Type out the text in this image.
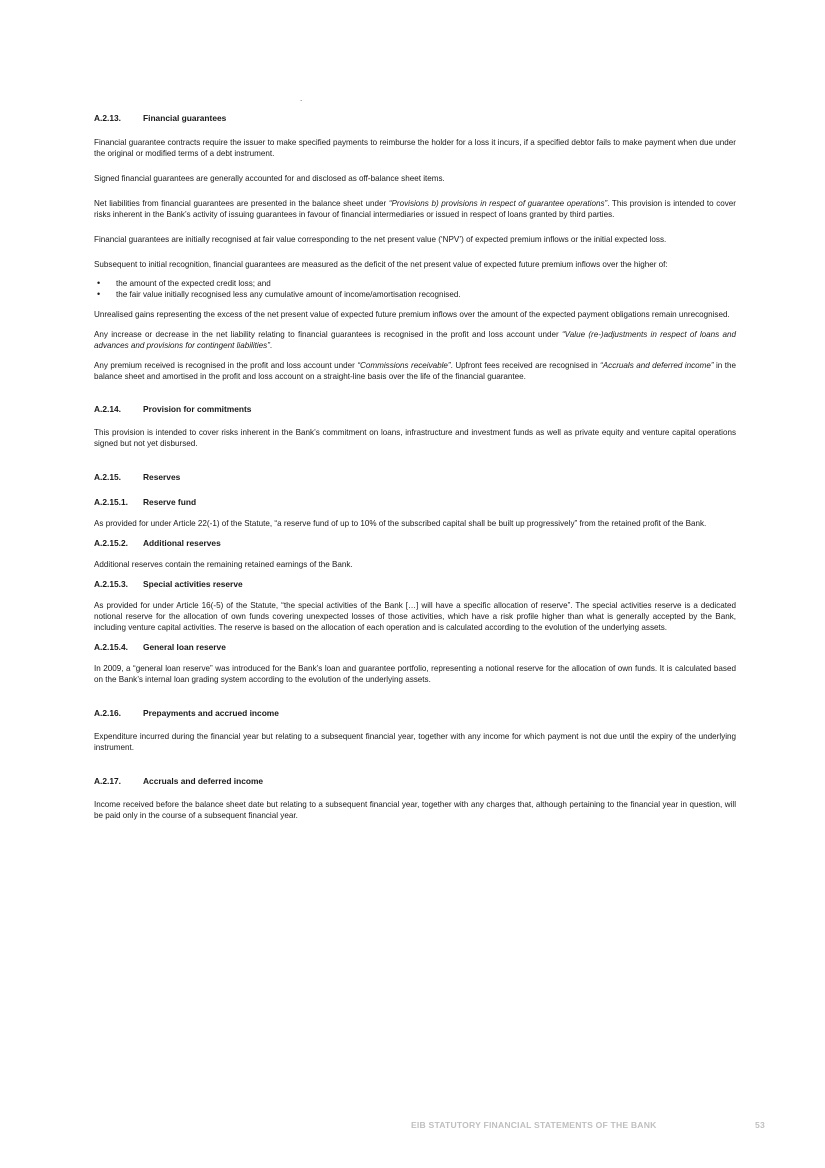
.
A.2.13.	Financial guarantees

Financial guarantee contracts require the issuer to make specified payments to reimburse the holder for a loss it incurs, if a specified debtor fails to make payment when due under the original or modified terms of a debt instrument.

Signed financial guarantees are generally accounted for and disclosed as off-balance sheet items.

Net liabilities from financial guarantees are presented in the balance sheet under “Provisions b) provisions in respect of guarantee operations”. This provision is intended to cover risks inherent in the Bank’s activity of issuing guarantees in favour of financial intermediaries or issued in respect of loans granted by third parties.

Financial guarantees are initially recognised at fair value corresponding to the net present value (‘NPV’) of expected premium inflows or the initial expected loss.

Subsequent to initial recognition, financial guarantees are measured as the deficit of the net present value of expected future premium inflows over the higher of:

• the amount of the expected credit loss; and
• the fair value initially recognised less any cumulative amount of income/amortisation recognised.

Unrealised gains representing the excess of the net present value of expected future premium inflows over the amount of the expected payment obligations remain unrecognised.

Any increase or decrease in the net liability relating to financial guarantees is recognised in the profit and loss account under “Value (re-)adjustments in respect of loans and advances and provisions for contingent liabilities”.

Any premium received is recognised in the profit and loss account under “Commissions receivable”. Upfront fees received are recognised in “Accruals and deferred income” in the balance sheet and amortised in the profit and loss account on a straight-line basis over the life of the financial guarantee.

A.2.14.	Provision for commitments

This provision is intended to cover risks inherent in the Bank’s commitment on loans, infrastructure and investment funds as well as private equity and venture capital operations signed but not yet disbursed.

A.2.15.	Reserves
A.2.15.1. Reserve fund

As provided for under Article 22(-1) of the Statute, “a reserve fund of up to 10% of the subscribed capital shall be built up progressively” from the retained profit of the Bank.

A.2.15.2. Additional reserves

Additional reserves contain the remaining retained earnings of the Bank.

A.2.15.3. Special activities reserve

As provided for under Article 16(-5) of the Statute, “the special activities of the Bank […] will have a specific allocation of reserve”. The special activities reserve is a dedicated notional reserve for the allocation of own funds covering unexpected losses of those activities, which have a risk profile higher than what is generally accepted by the Bank, including venture capital activities. The reserve is based on the allocation of each operation and is calculated according to the evolution of the underlying assets.

A.2.15.4. General loan reserve

In 2009, a “general loan reserve” was introduced for the Bank’s loan and guarantee portfolio, representing a notional reserve for the allocation of own funds. It is calculated based on the Bank’s internal loan grading system according to the evolution of the underlying assets.

A.2.16.	Prepayments and accrued income

Expenditure incurred during the financial year but relating to a subsequent financial year, together with any income for which payment is not due until the expiry of the underlying instrument.

A.2.17.	Accruals and deferred income

Income received before the balance sheet date but relating to a subsequent financial year, together with any charges that, although pertaining to the financial year in question, will be paid only in the course of a subsequent financial year.

EIB STATUTORY FINANCIAL STATEMENTS OF THE BANK	53
